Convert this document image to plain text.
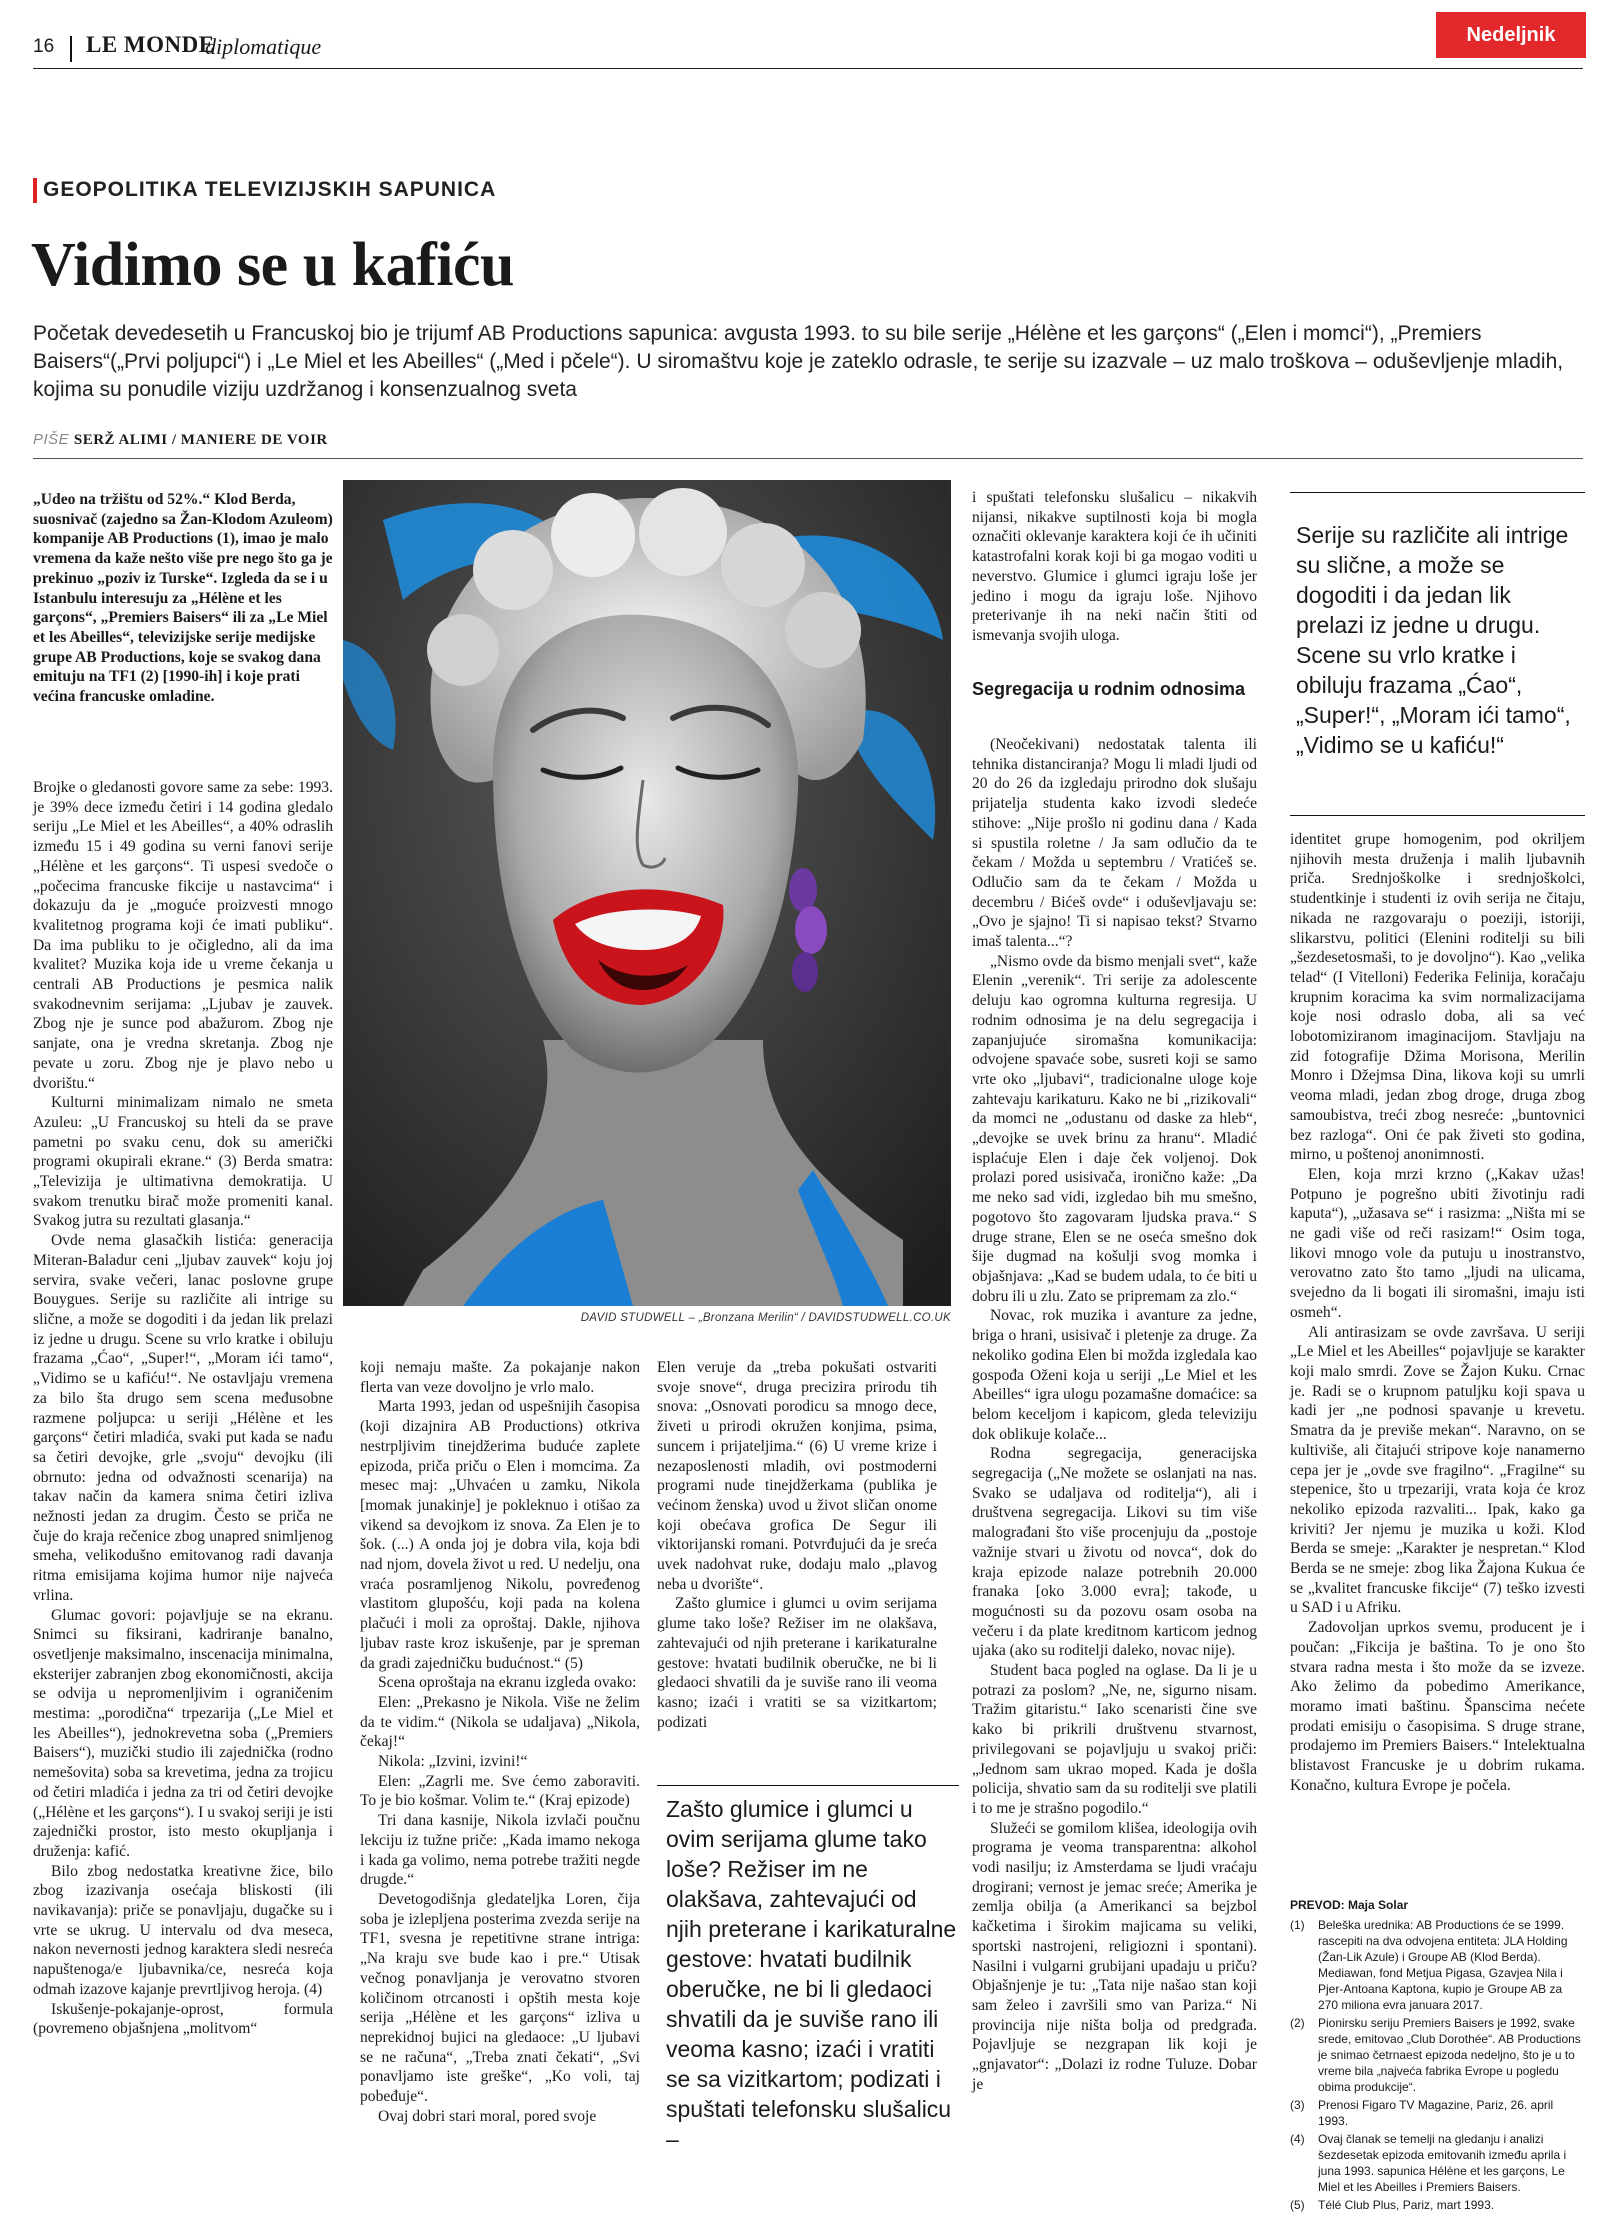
16 LE MONDE
diplomatique	Nedeljnik
GEOPOLITIKA TELEVIZIJSKIH SAPUNICA
Vidimo se u kafiću
Početak devedesetih u Francuskoj bio je trijumf AB Productions sapunica: avgusta 1993. to su bile serije „Hélène et les garçons“ („Elen i momci“), „Premiers Baisers“(„Prvi poljupci“) i „Le Miel et les Abeilles“ („Med i pčele“). U siromaštvu koje je zateklo odrasle, te serije su izazvale – uz malo troškova – oduševljenje mladih, kojima su ponudile viziju uzdržanog i konsenzualnog sveta
PIŠE SERŽ ALIMI / MANIERE DE VOIR
„Udeo na tržištu od 52%.“ Klod Berda, suosnivač (zajedno sa Žan-Klodom Azuleom) kompanije AB Productions (1), imao je malo vremena da kaže nešto više pre nego što ga je prekinuo „poziv iz Turske“. Izgleda da se i u Istanbulu interesuju za „Hélène et les garçons“, „Premiers Baisers“ ili za „Le Miel et les Abeilles“, televizijske serije medijske grupe AB Productions, koje se svakog dana emituju na TF1 (2) [1990-ih] i koje prati većina francuske omladine.

Brojke o gledanosti govore same za sebe: 1993. je 39% dece između četiri i 14 godina gledalo seriju „Le Miel et les Abeilles“, a 40% odraslih između 15 i 49 godina su verni fanovi serije „Hélène et les garçons“. Ti uspesi svedoče o „počecima francuske fikcije u nastavcima“ i dokazuju da je „moguće proizvesti mnogo kvalitetnog programa koji će imati publiku“. Da ima publiku to je očigledno, ali da ima kvalitet? Muzika koja ide u vreme čekanja u centrali AB Productions je pesmica nalik svakodnevnim serijama: „Ljubav je zauvek. Zbog nje je sunce pod abažurom. Zbog nje sanjate, ona je vredna skretanja. Zbog nje pevate u zoru. Zbog nje je plavo nebo u dvorištu.“

Kulturni minimalizam nimalo ne smeta Azuleu: „U Francuskoj su hteli da se prave pametni po svaku cenu, dok su američki programi okupirali ekrane.“ (3) Berda smatra: „Televizija je ultimativna demokratija. U svakom trenutku birač može promeniti kanal. Svakog jutra su rezultati glasanja.“

Ovde nema glasačkih listića: generacija Miteran-Baladur ceni „ljubav zauvek“ koju joj servira, svake večeri, lanac poslovne grupe Bouygues. Serije su različite ali intrige su slične, a može se dogoditi i da jedan lik prelazi iz jedne u drugu. Scene su vrlo kratke i obiluju frazama „Ćao“, „Super!“, „Moram ići tamo“, „Vidimo se u kafiću!“. Ne ostavljaju vremena za bilo šta drugo sem scena međusobne razmene poljupca: u seriji „Hélène et les garçons“ četiri mladića, svaki put kada se nađu sa četiri devojke, grle „svoju“ devojku (ili obrnuto: jedna od odvažnosti scenarija) na takav način da kamera snima četiri izliva nežnosti jedan za drugim. Često se priča ne čuje do kraja rečenice zbog unapred snimljenog smeha, velikodušno emitovanog radi davanja ritma emisijama kojima humor nije najveća vrlina.

Glumac govori: pojavljuje se na ekranu. Snimci su fiksirani, kadriranje banalno, osvetljenje maksimalno, inscenacija minimalna, eksterijer zabranjen zbog ekonomičnosti, akcija se odvija u nepromenljivim i ograničenim mestima: „porodična“ trpezarija („Le Miel et les Abeilles“), jednokrevetna soba („Premiers Baisers“), muzički studio ili zajednička (rodno nemešovita) soba sa krevetima, jedna za trojicu od četiri mladića i jedna za tri od četiri devojke („Hélène et les garçons“). I u svakoj seriji je isti zajednički prostor, isto mesto okupljanja i druženja: kafić.

Bilo zbog nedostatka kreativne žice, bilo zbog izazivanja osećaja bliskosti (ili navikavanja): priče se ponavljaju, dugačke su i vrte se ukrug. U intervalu od dva meseca, nakon nevernosti jednog karaktera sledi nesreća napuštenoga/e ljubavnika/ce, nesreća koja odmah izazove kajanje prevrtljivog heroja. (4)

Iskušenje-pokajanje-oprost, formula (povremeno objašnjena „molitvom“

DAVID STUDWELL – „Bronzana Merilin“ / DAVIDSTUDWELL.CO.UK

koji nemaju mašte. Za pokajanje nakon flerta van veze dovoljno je vrlo malo.

Marta 1993, jedan od uspešnijih časopisa (koji dizajnira AB Productions) otkriva nestrpljivim tinejdžerima buduće zaplete epizoda, priča priču o Elen i momcima. Za mesec maj: „Uhvaćen u zamku, Nikola [momak junakinje] je pokleknuo i otišao za vikend sa devojkom iz snova. Za Elen je to šok. (...) A onda joj je dobra vila, koja bdi nad njom, dovela život u red. U nedelju, ona vraća posramljenog Nikolu, povređenog vlastitom glupošću, koji pada na kolena plačući i moli za oproštaj. Dakle, njihova ljubav raste kroz iskušenje, par je spreman da gradi zajedničku budućnost.“ (5)

Scena oproštaja na ekranu izgleda ovako:

Elen: „Prekasno je Nikola. Više ne želim da te vidim.“ (Nikola se udaljava) „Nikola, čekaj!“

Nikola: „Izvini, izvini!“

Elen: „Zagrli me. Sve ćemo zaboraviti. To je bio košmar. Volim te.“ (Kraj epizode)

Tri dana kasnije, Nikola izvlači poučnu lekciju iz tužne priče: „Kada imamo nekoga i kada ga volimo, nema potrebe tražiti negde drugde.“

Devetogodišnja gledateljka Loren, čija soba je izlepljena posterima zvezda serije na TF1, svesna je repetitivne strane intriga: „Na kraju sve bude kao i pre.“ Utisak večnog ponavljanja je verovatno stvoren količinom otrcanosti i opštih mesta koje serija „Hélène et les garçons“ izliva u neprekidnoj bujici na gledaoce: „U ljubavi se ne računa“, „Treba znati čekati“, „Svi ponavljamo iste greške“, „Ko voli, taj pobeđuje“.

Ovaj dobri stari moral, pored svoje

Elen veruje da „treba pokušati ostvariti svoje snove“, druga precizira prirodu tih snova: „Osnovati porodicu sa mnogo dece, živeti u prirodi okružen konjima, psima, suncem i prijateljima.“ (6) U vreme krize i nezaposlenosti mladih, ovi postmoderni programi nude tinejdžerkama (publika je većinom ženska) uvod u život sličan onome koji obećava grofica De Segur ili viktorijanski romani. Potvrđujući da je sreća uvek nadohvat ruke, dodaju malo „plavog neba u dvorište“.

Zašto glumice i glumci u ovim serijama glume tako loše? Režiser im ne olakšava, zahtevajući od njih preterane i karikaturalne gestove: hvatati budilnik oberučke, ne bi li gledaoci shvatili da je suviše rano ili veoma kasno; izaći i vratiti se sa vizitkartom; podizati

Zašto glumice i glumci u ovim serijama glume tako loše? Režiser im ne olakšava, zahtevajući od njih preterane i karikaturalne gestove: hvatati budilnik oberučke, ne bi li gledaoci shvatili da je suviše rano ili veoma kasno; izaći i vratiti se sa vizitkartom; podizati i spuštati telefonsku slušalicu –

i spuštati telefonsku slušalicu – nikakvih nijansi, nikakve suptilnosti koja bi mogla označiti oklevanje karaktera koji će ih učiniti katastrofalni korak koji bi ga mogao voditi u neverstvo. Glumice i glumci igraju loše jer jedino i mogu da igraju loše. Njihovo preterivanje ih na neki način štiti od ismevanja svojih uloga.

Segregacija u rodnim odnosima

(Neočekivani) nedostatak talenta ili tehnika distanciranja? Mogu li mladi ljudi od 20 do 26 da izgledaju prirodno dok slušaju prijatelja studenta kako izvodi sledeće stihove: „Nije prošlo ni godinu dana / Kada si spustila roletne / Ja sam odlučio da te čekam / Možda u septembru / Vratićeš se. Odlučio sam da te čekam / Možda u decembru / Bićeš ovde“ i oduševljavaju se: „Ovo je sjajno! Ti si napisao tekst? Stvarno imaš talenta...“?

„Nismo ovde da bismo menjali svet“, kaže Elenin „verenik“. Tri serije za adolescente deluju kao ogromna kulturna regresija. U rodnim odnosima je na delu segregacija i zapanjujuće siromašna komunikacija: odvojene spavaće sobe, susreti koji se samo vrte oko „ljubavi“, tradicionalne uloge koje zahtevaju karikaturu. Kako ne bi „rizikovali“ da momci ne „odustanu od daske za hleb“, „devojke se uvek brinu za hranu“. Mladić isplaćuje Elen i daje ček voljenoj. Dok prolazi pored usisivača, ironično kaže: „Da me neko sad vidi, izgledao bih mu smešno, pogotovo što zagovaram ljudska prava.“ S druge strane, Elen se ne oseća smešno dok šije dugmad na košulji svog momka i objašnjava: „Kad se budem udala, to će biti u dobru ili u zlu. Zato se pripremam za zlo.“

Novac, rok muzika i avanture za jedne, briga o hrani, usisivač i pletenje za druge. Za nekoliko godina Elen bi možda izgledala kao gospođa Oženi koja u seriji „Le Miel et les Abeilles“ igra ulogu pozamašne domaćice: sa belom keceljom i kapicom, gleda televiziju dok oblikuje kolače...

Rodna segregacija, generacijska segregacija („Ne možete se oslanjati na nas. Svako se udaljava od roditelja“), ali i društvena segregacija. Likovi su tim više malograđani što više procenjuju da „postoje važnije stvari u životu od novca“, dok do kraja epizode nalaze potrebnih 20.000 franaka [oko 3.000 evra]; takođe, u mogućnosti su da pozovu osam osoba na večeru i da plate kreditnom karticom jednog ujaka (ako su roditelji daleko, novac nije).

Student baca pogled na oglase. Da li je u potrazi za poslom? „Ne, ne, sigurno nisam. Tražim gitaristu.“ Iako scenaristi čine sve kako bi prikrili društvenu stvarnost, privilegovani se pojavljuju u svakoj priči: „Jednom sam ukrao moped. Kada je došla policija, shvatio sam da su roditelji sve platili i to me je strašno pogodilo.“

Služeći se gomilom klišea, ideologija ovih programa je veoma transparentna: alkohol vodi nasilju; iz Amsterdama se ljudi vraćaju drogirani; vernost je jemac sreće; Amerika je zemlja obilja (a Amerikanci sa bejzbol kačketima i širokim majicama su veliki, sportski nastrojeni, religiozni i spontani). Nasilni i vulgarni grubijani upadaju u priču? Objašnjenje je tu: „Tata nije našao stan koji sam želeo i završili smo van Pariza.“ Ni provincija nije ništa bolja od predgrađa. Pojavljuje se nezgrapan lik koji je „gnjavator“: „Dolazi iz rodne Tuluze. Dobar je

Serije su različite ali intrige su slične, a može se dogoditi i da jedan lik prelazi iz jedne u drugu. Scene su vrlo kratke i obiluju frazama „Ćao“, „Super!“, „Moram ići tamo“, „Vidimo se u kafiću!“

identitet grupe homogenim, pod okriljem njihovih mesta druženja i malih ljubavnih priča. Srednjoškolke i srednjoškolci, studentkinje i studenti iz ovih serija ne čitaju, nikada ne razgovaraju o poeziji, istoriji, slikarstvu, politici (Elenini roditelji su bili „šezdesetosmaši, to je dovoljno“). Kao „velika telad“ (I Vitelloni) Federika Felinija, koračaju krupnim koracima ka svim normalizacijama koje nosi odraslo doba, ali sa već lobotomiziranom imaginacijom. Stavljaju na zid fotografije Džima Morisona, Merilin Monro i Džejmsa Dina, likova koji su umrli veoma mladi, jedan zbog droge, druga zbog samoubistva, treći zbog nesreće: „buntovnici bez razloga“. Oni će pak živeti sto godina, mirno, u poštenoj anonimnosti.

Elen, koja mrzi krzno („Kakav užas! Potpuno je pogrešno ubiti životinju radi kaputa“), „užasava se“ i rasizma: „Ništa mi se ne gadi više od reči rasizam!“ Osim toga, likovi mnogo vole da putuju u inostranstvo, verovatno zato što tamo „ljudi na ulicama, svejedno da li bogati ili siromašni, imaju isti osmeh“.

Ali antirasizam se ovde završava. U seriji „Le Miel et les Abeilles“ pojavljuje se karakter koji malo smrdi. Zove se Žajon Kuku. Crnac je. Radi se o krupnom patuljku koji spava u kadi jer „ne podnosi spavanje u krevetu. Smatra da je previše mekan“. Naravno, on se kultiviše, ali čitajući stripove koje nanamerno cepa jer je „ovde sve fragilno“. „Fragilne“ su stepenice, što u trpezariji, vrata koja će kroz nekoliko epizoda razvaliti... Ipak, kako ga kriviti? Jer njemu je muzika u koži. Klod Berda se smeje: „Karakter je nespretan.“ Klod Berda se ne smeje: zbog lika Žajona Kukua će se „kvalitet francuske fikcije“ (7) teško izvesti u SAD i u Afriku.

Zadovoljan uprkos svemu, producent je i poučan: „Fikcija je baština. To je ono što stvara radna mesta i što može da se izveze. Ako želimo da pobedimo Amerikance, moramo imati baštinu. Španscima nećete prodati emisiju o časopisima. S druge strane, prodajemo im Premiers Baisers.“ Intelektualna blistavost Francuske je u dobrim rukama. Konačno, kultura Evrope je počela.

PREVOD: Maja Solar
(1)	Beleška urednika: AB Productions će se 1999. rascepiti na dva odvojena entiteta: JLA Holding (Žan-Lik Azule) i Groupe AB (Klod Berda). Mediawan, fond Metjua Pigasa, Gzavjea Nila i Pjer-Antoana Kaptona, kupio je Groupe AB za 270 miliona evra januara 2017.
(2)	Pionirsku seriju Premiers Baisers je 1992, svake srede, emitovao „Club Dorothée“. AB Productions je snimao četrnaest epizoda nedeljno, što je u to vreme bila „najveća fabrika Evrope u pogledu obima produkcije“.
(3)	Prenosi Figaro TV Magazine, Pariz, 26. april 1993.
(4)	Ovaj članak se temelji na gledanju i analizi šezdesetak epizoda emitovanih između aprila i juna 1993. sapunica Hélène et les garçons, Le Miel et les Abeilles i Premiers Baisers.
(5)	Télé Club Plus, Pariz, mart 1993.
